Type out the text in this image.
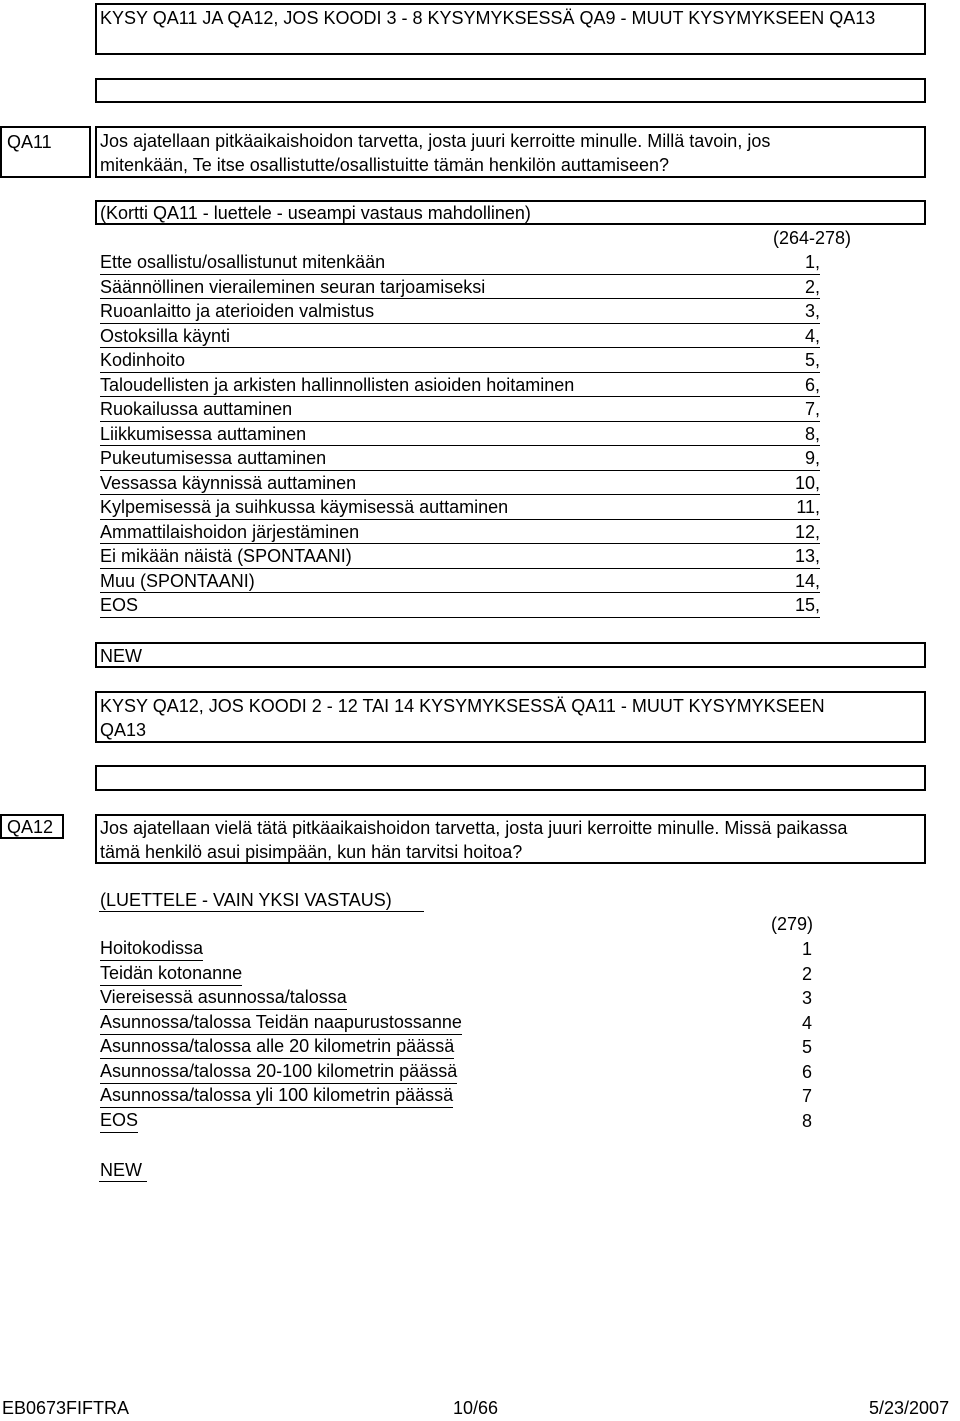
KYSY QA11 JA QA12, JOS KOODI 3 - 8 KYSYMYKSESSÄ QA9 - MUUT KYSYMYKSEEN QA13
QA11	Jos ajatellaan pitkäaikaishoidon tarvetta, josta juuri kerroitte minulle. Millä tavoin, jos
mitenkään, Te itse osallistutte/osallistuitte tämän henkilön auttamiseen?
(Kortti QA11 - luettele - useampi vastaus mahdollinen)
(264-278)
Ette osallistu/osallistunut mitenkään	1,
Säännöllinen vieraileminen seuran tarjoamiseksi	2,
Ruoanlaitto ja aterioiden valmistus	3,
Ostoksilla käynti	4,
Kodinhoito	5,
Taloudellisten ja arkisten hallinnollisten asioiden hoitaminen	6,
Ruokailussa auttaminen	7,
Liikkumisessa auttaminen	8,
Pukeutumisessa auttaminen	9,
Vessassa käynnissä auttaminen	10,
Kylpemisessä ja suihkussa käymisessä auttaminen	11,
Ammattilaishoidon järjestäminen	12,
Ei mikään näistä (SPONTAANI)	13,
Muu (SPONTAANI)	14,
EOS	15,
NEW
KYSY QA12, JOS KOODI 2 - 12 TAI 14 KYSYMYKSESSÄ QA11 - MUUT KYSYMYKSEEN
QA13
QA12	Jos ajatellaan vielä tätä pitkäaikaishoidon tarvetta, josta juuri kerroitte minulle. Missä paikassa
tämä henkilö asui pisimpään, kun hän tarvitsi hoitoa?
(LUETTELE - VAIN YKSI VASTAUS)
(279)
Hoitokodissa	1
Teidän kotonanne	2
Viereisessä asunnossa/talossa	3
Asunnossa/talossa Teidän naapurustossanne	4
Asunnossa/talossa alle 20 kilometrin päässä	5
Asunnossa/talossa 20-100 kilometrin päässä	6
Asunnossa/talossa yli 100 kilometrin päässä	7
EOS	8
NEW
EB0673FIFTRA	10/66	5/23/2007
